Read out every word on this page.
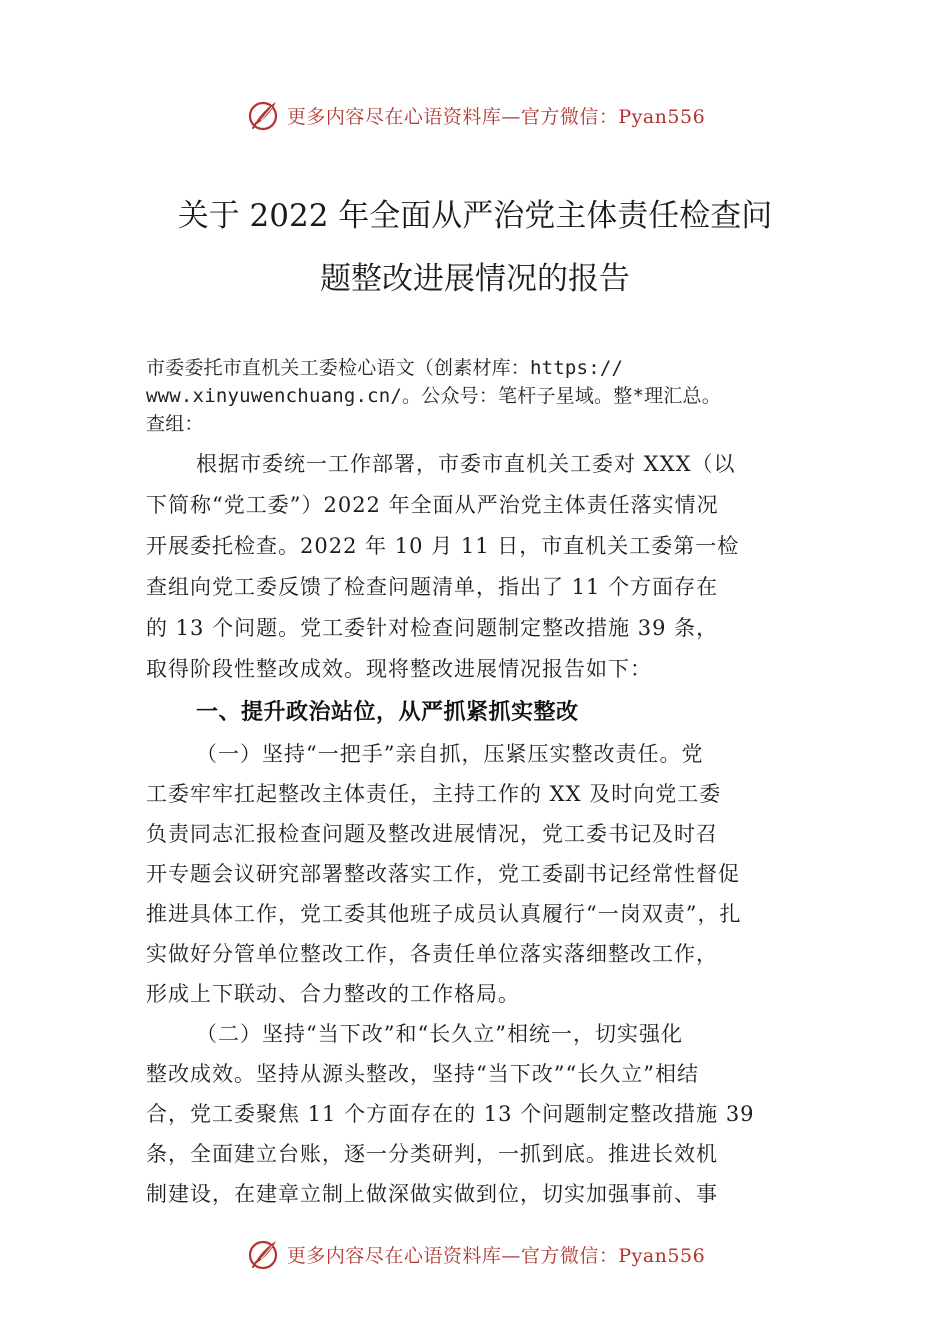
更多内容尽在心语资料库—官方微信：Pyan556
关于 2022 年全面从严治党主体责任检查问
题整改进展情况的报告
市委委托市直机关工委检心语文（创素材库：https://
www.xinyuwenchuang.cn/。公众号：笔杆子星域。整*理汇总。
查组：
根据市委统一工作部署，市委市直机关工委对 XXX（以
下简称“党工委”）2022 年全面从严治党主体责任落实情况
开展委托检查。2022 年 10 月 11 日，市直机关工委第一检
查组向党工委反馈了检查问题清单，指出了 11 个方面存在
的 13 个问题。党工委针对检查问题制定整改措施 39 条，
取得阶段性整改成效。现将整改进展情况报告如下：
一、提升政治站位，从严抓紧抓实整改
（一）坚持“一把手”亲自抓，压紧压实整改责任。党
工委牢牢扛起整改主体责任，主持工作的 XX 及时向党工委
负责同志汇报检查问题及整改进展情况，党工委书记及时召
开专题会议研究部署整改落实工作，党工委副书记经常性督促
推进具体工作，党工委其他班子成员认真履行“一岗双责”，扎
实做好分管单位整改工作，各责任单位落实落细整改工作，
形成上下联动、合力整改的工作格局。
（二）坚持“当下改”和“长久立”相统一，切实强化
整改成效。坚持从源头整改，坚持“当下改”“长久立”相结
合，党工委聚焦 11 个方面存在的 13 个问题制定整改措施 39
条，全面建立台账，逐一分类研判，一抓到底。推进长效机
制建设，在建章立制上做深做实做到位，切实加强事前、事
更多内容尽在心语资料库—官方微信：Pyan556
